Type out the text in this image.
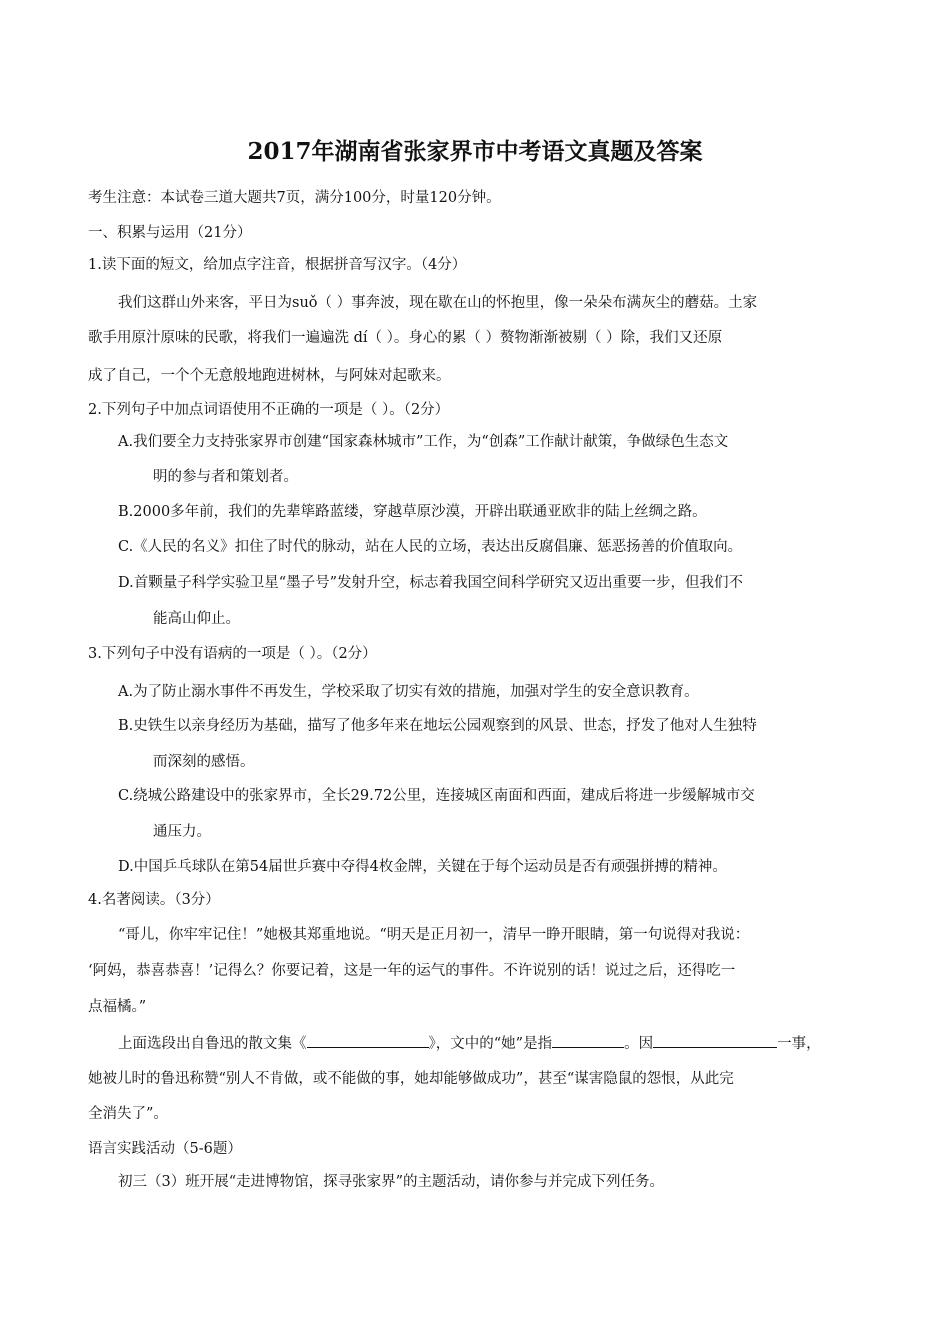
2017年湖南省张家界市中考语文真题及答案
考生注意：本试卷三道大题共7页，满分100分，时量120分钟。
一、积累与运用（21分）
1.读下面的短文，给加点字注音，根据拼音写汉字。（4分）
我们这群山外来客，平日为suǒ（ ）事奔波，现在歇在山的怀抱里，像一朵朵布满灰尘的蘑菇。土家
歌手用原汁原味的民歌，将我们一遍遍洗 dí（ ）。身心的累（ ）赘物渐渐被剔（ ）除，我们又还原
成了自己，一个个无意般地跑进树林，与阿妹对起歌来。
2.下列句子中加点词语使用不正确的一项是（ ）。（2分）
A.我们要全力支持张家界市创建“国家森林城市”工作，为“创森”工作献计献策，争做绿色生态文
明的参与者和策划者。
B.2000多年前，我们的先辈筚路蓝缕，穿越草原沙漠，开辟出联通亚欧非的陆上丝绸之路。
C.《人民的名义》扣住了时代的脉动，站在人民的立场，表达出反腐倡廉、惩恶扬善的价值取向。
D.首颗量子科学实验卫星“墨子号”发射升空，标志着我国空间科学研究又迈出重要一步，但我们不
能高山仰止。
3.下列句子中没有语病的一项是（ ）。（2分）
A.为了防止溺水事件不再发生，学校采取了切实有效的措施，加强对学生的安全意识教育。
B.史铁生以亲身经历为基础，描写了他多年来在地坛公园观察到的风景、世态，抒发了他对人生独特
而深刻的感悟。
C.绕城公路建设中的张家界市，全长29.72公里，连接城区南面和西面，建成后将进一步缓解城市交
通压力。
D.中国乒乓球队在第54届世乒赛中夺得4枚金牌，关键在于每个运动员是否有顽强拼搏的精神。
4.名著阅读。（3分）
“哥儿，你牢牢记住！”她极其郑重地说。“明天是正月初一，清早一睁开眼睛，第一句说得对我说：
‘阿妈，恭喜恭喜！’记得么？你要记着，这是一年的运气的事件。不许说别的话！说过之后，还得吃一
点福橘。”
上面选段出自鲁迅的散文集《	》，文中的“她”是指	。因	一事，
她被儿时的鲁迅称赞“别人不肯做，或不能做的事，她却能够做成功”，甚至“谋害隐鼠的怨恨，从此完
全消失了”。
语言实践活动（5-6题）
初三（3）班开展“走进博物馆，探寻张家界”的主题活动，请你参与并完成下列任务。
